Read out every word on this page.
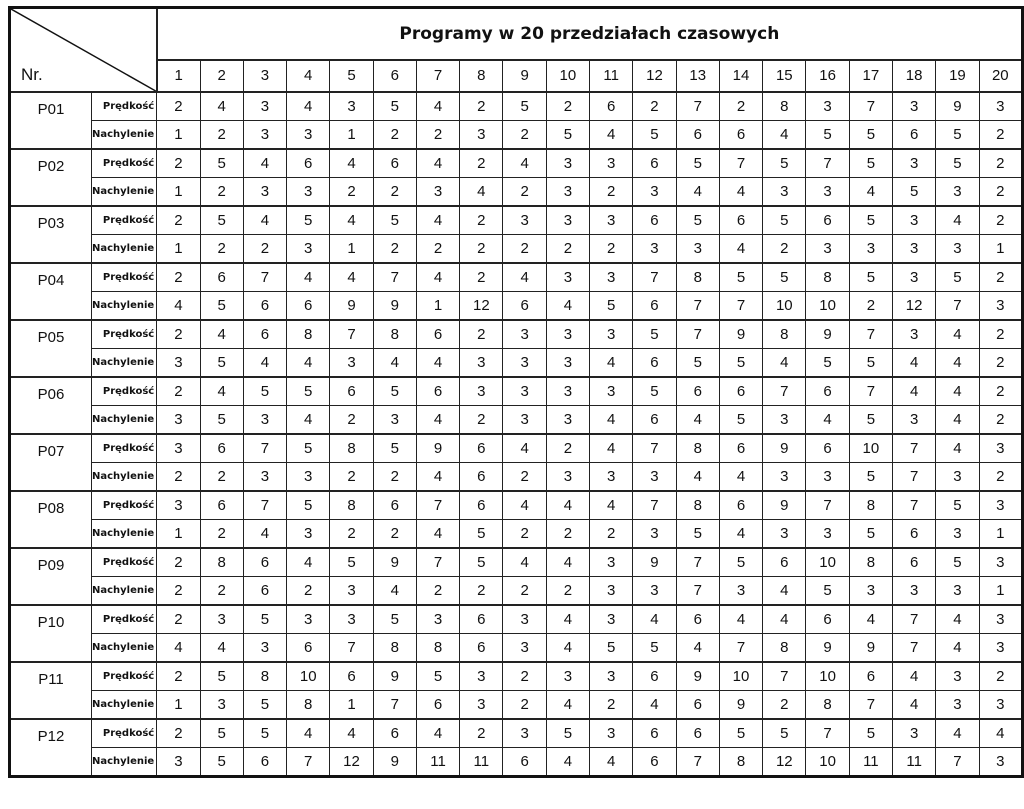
Nr.		Programy w 20 przedziałach czasowych																			
		1	2	3	4	5	6	7	8	9	10	11	12	13	14	15	16	17	18	19	20
P01	Prędkość	2	4	3	4	3	5	4	2	5	2	6	2	7	2	8	3	7	3	9	3
	Nachylenie	1	2	3	3	1	2	2	3	2	5	4	5	6	6	4	5	5	6	5	2
P02	Prędkość	2	5	4	6	4	6	4	2	4	3	3	6	5	7	5	7	5	3	5	2
	Nachylenie	1	2	3	3	2	2	3	4	2	3	2	3	4	4	3	3	4	5	3	2
P03	Prędkość	2	5	4	5	4	5	4	2	3	3	3	6	5	6	5	6	5	3	4	2
	Nachylenie	1	2	2	3	1	2	2	2	2	2	2	3	3	4	2	3	3	3	3	1
P04	Prędkość	2	6	7	4	4	7	4	2	4	3	3	7	8	5	5	8	5	3	5	2
	Nachylenie	4	5	6	6	9	9	1	12	6	4	5	6	7	7	10	10	2	12	7	3
P05	Prędkość	2	4	6	8	7	8	6	2	3	3	3	5	7	9	8	9	7	3	4	2
	Nachylenie	3	5	4	4	3	4	4	3	3	3	4	6	5	5	4	5	5	4	4	2
P06	Prędkość	2	4	5	5	6	5	6	3	3	3	3	5	6	6	7	6	7	4	4	2
	Nachylenie	3	5	3	4	2	3	4	2	3	3	4	6	4	5	3	4	5	3	4	2
P07	Prędkość	3	6	7	5	8	5	9	6	4	2	4	7	8	6	9	6	10	7	4	3
	Nachylenie	2	2	3	3	2	2	4	6	2	3	3	3	4	4	3	3	5	7	3	2
P08	Prędkość	3	6	7	5	8	6	7	6	4	4	4	7	8	6	9	7	8	7	5	3
	Nachylenie	1	2	4	3	2	2	4	5	2	2	2	3	5	4	3	3	5	6	3	1
P09	Prędkość	2	8	6	4	5	9	7	5	4	4	3	9	7	5	6	10	8	6	5	3
	Nachylenie	2	2	6	2	3	4	2	2	2	2	3	3	7	3	4	5	3	3	3	1
P10	Prędkość	2	3	5	3	3	5	3	6	3	4	3	4	6	4	4	6	4	7	4	3
	Nachylenie	4	4	3	6	7	8	8	6	3	4	5	5	4	7	8	9	9	7	4	3
P11	Prędkość	2	5	8	10	6	9	5	3	2	3	3	6	9	10	7	10	6	4	3	2
	Nachylenie	1	3	5	8	1	7	6	3	2	4	2	4	6	9	2	8	7	4	3	3
P12	Prędkość	2	5	5	4	4	6	4	2	3	5	3	6	6	5	5	7	5	3	4	4
	Nachylenie	3	5	6	7	12	9	11	11	6	4	4	6	7	8	12	10	11	11	7	3
